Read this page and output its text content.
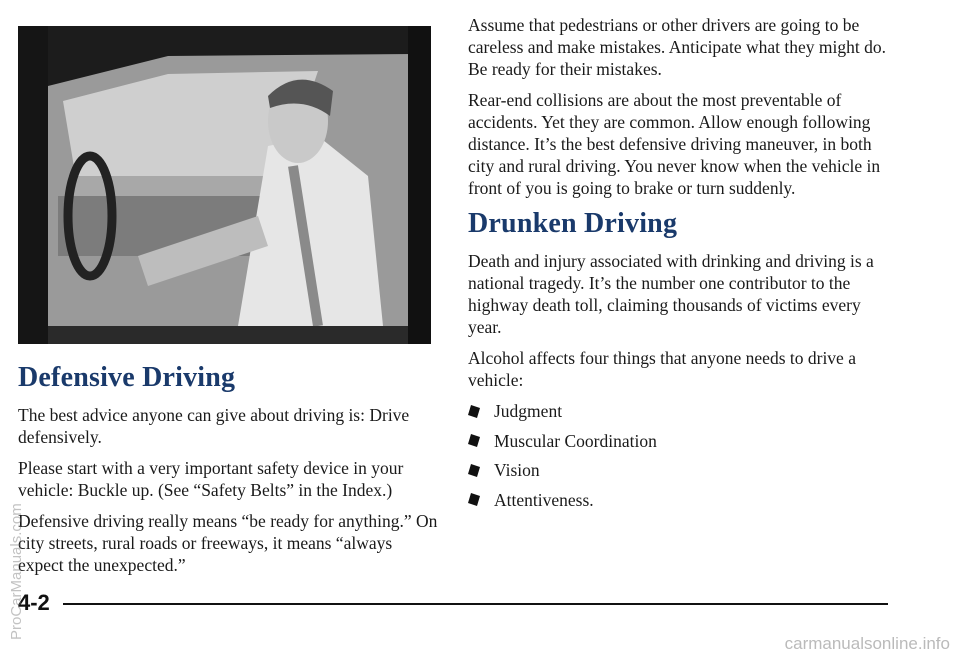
Defensive Driving

The best advice anyone can give about driving is: Drive defensively.

Please start with a very important safety device in your vehicle: Buckle up. (See “Safety Belts” in the Index.)

Defensive driving really means “be ready for anything.” On city streets, rural roads or freeways, it means “always expect the unexpected.”

Assume that pedestrians or other drivers are going to be careless and make mistakes. Anticipate what they might do. Be ready for their mistakes.

Rear-end collisions are about the most preventable of accidents. Yet they are common. Allow enough following distance. It’s the best defensive driving maneuver, in both city and rural driving. You never know when the vehicle in front of you is going to brake or turn suddenly.

Drunken Driving

Death and injury associated with drinking and driving is a national tragedy. It’s the number one contributor to the highway death toll, claiming thousands of victims every year.

Alcohol affects four things that anyone needs to drive a vehicle:

Judgment
Muscular Coordination
Vision
Attentiveness.
4-2
ProCarManuals.com
carmanualsonline.info
